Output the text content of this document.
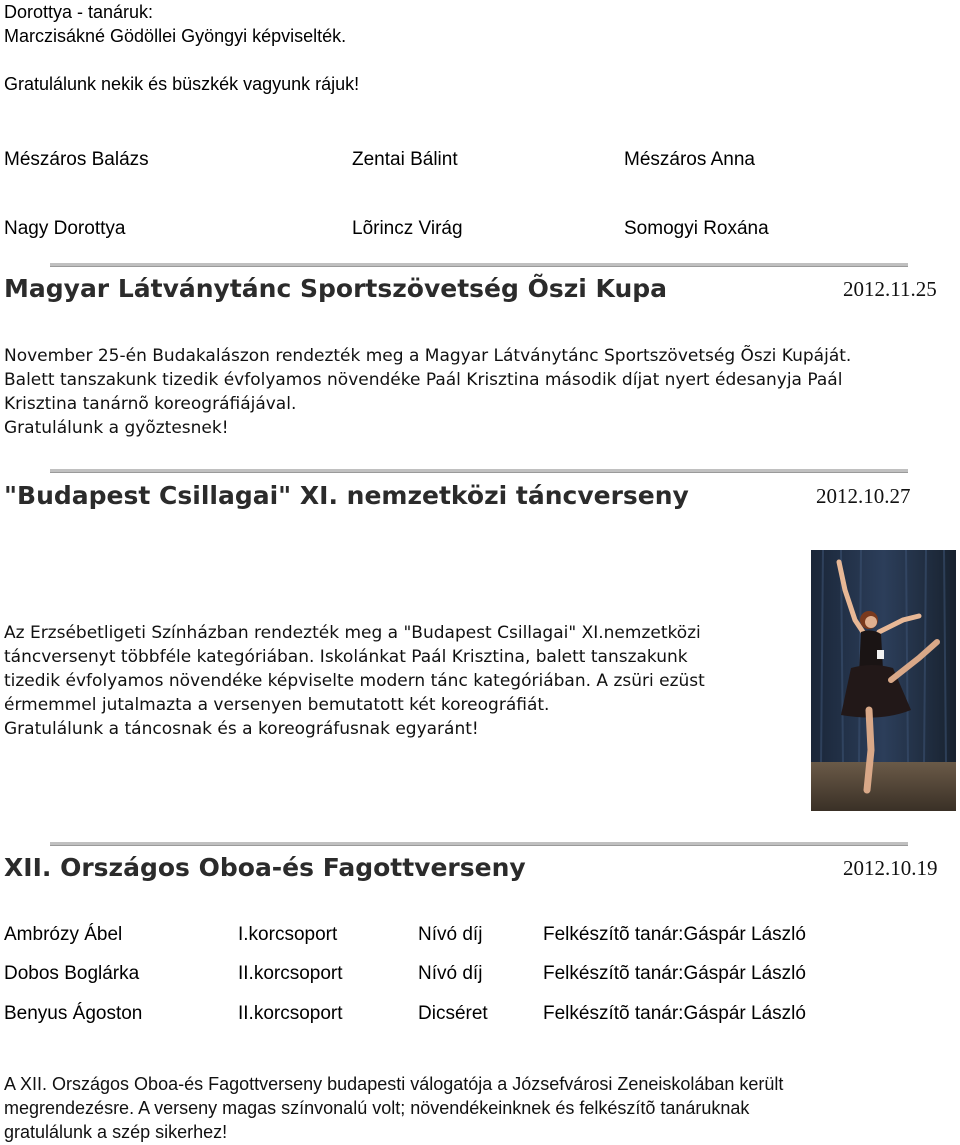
Dorottya - tanáruk:
Marczisákné Gödöllei Gyöngyi képviselték.
Gratulálunk nekik és büszkék vagyunk rájuk!
Mészáros Balázs	Zentai Bálint	Mészáros Anna
Nagy Dorottya	Lõrincz Virág	Somogyi Roxána
Magyar Látványtánc Sportszövetség Õszi Kupa	2012.11.25
November 25-én Budakalászon rendezték meg a Magyar Látványtánc Sportszövetség Õszi Kupáját.
Balett tanszakunk tizedik évfolyamos növendéke Paál Krisztina második díjat nyert édesanyja Paál
Krisztina tanárnõ koreográfiájával.
Gratulálunk a gyõztesnek!
"Budapest Csillagai" XI. nemzetközi táncverseny	2012.10.27
Az Erzsébetligeti Színházban rendezték meg a "Budapest Csillagai" XI.nemzetközi
táncversenyt többféle kategóriában. Iskolánkat Paál Krisztina, balett tanszakunk
tizedik évfolyamos növendéke képviselte modern tánc kategóriában. A zsüri ezüst
érmemmel jutalmazta a versenyen bemutatott két koreográfiát.
Gratulálunk a táncosnak és a koreográfusnak egyaránt!
XII. Országos Oboa-és Fagottverseny	2012.10.19
Ambrózy Ábel	I.korcsoport	Nívó díj	Felkészítõ tanár:Gáspár László
Dobos Boglárka	II.korcsoport	Nívó díj	Felkészítõ tanár:Gáspár László
Benyus Ágoston	II.korcsoport	Dicséret	Felkészítõ tanár:Gáspár László
A XII. Országos Oboa-és Fagottverseny budapesti válogatója a Józsefvárosi Zeneiskolában került
megrendezésre. A verseny magas színvonalú volt; növendékeinknek és felkészítõ tanáruknak
gratulálunk a szép sikerhez!
